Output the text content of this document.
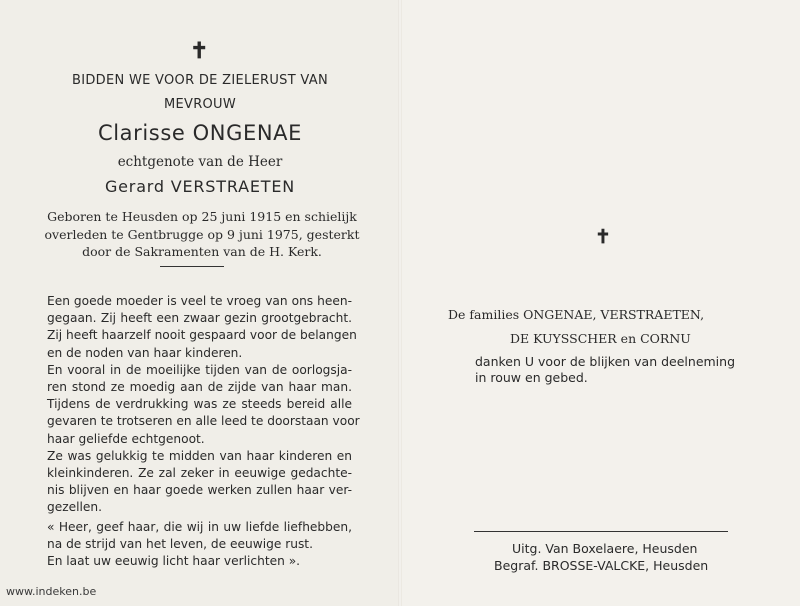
✝
BIDDEN WE VOOR DE ZIELERUST VAN
MEVROUW
Clarisse ONGENAE
echtgenote van de Heer
Gerard VERSTRAETEN
Geboren te Heusden op 25 juni 1915 en schielijk
overleden te Gentbrugge op 9 juni 1975, gesterkt
door de Sakramenten van de H. Kerk.
Een goede moeder is veel te vroeg van ons heen-
gegaan. Zij heeft een zwaar gezin grootgebracht.
Zij heeft haarzelf nooit gespaard voor de belangen
en de noden van haar kinderen.
En vooral in de moeilijke tijden van de oorlogsja-
ren stond ze moedig aan de zijde van haar man.
Tijdens de verdrukking was ze steeds bereid alle
gevaren te trotseren en alle leed te doorstaan voor
haar geliefde echtgenoot.
Ze was gelukkig te midden van haar kinderen en
kleinkinderen. Ze zal zeker in eeuwige gedachte-
nis blijven en haar goede werken zullen haar ver-
gezellen.
« Heer, geef haar, die wij in uw liefde liefhebben,
na de strijd van het leven, de eeuwige rust.
En laat uw eeuwig licht haar verlichten ».
✝
De families ONGENAE, VERSTRAETEN,
DE KUYSSCHER en CORNU
danken U voor de blijken van deelneming
in rouw en gebed.
Uitg. Van Boxelaere, Heusden
Begraf. BROSSE-VALCKE, Heusden
www.indeken.be
